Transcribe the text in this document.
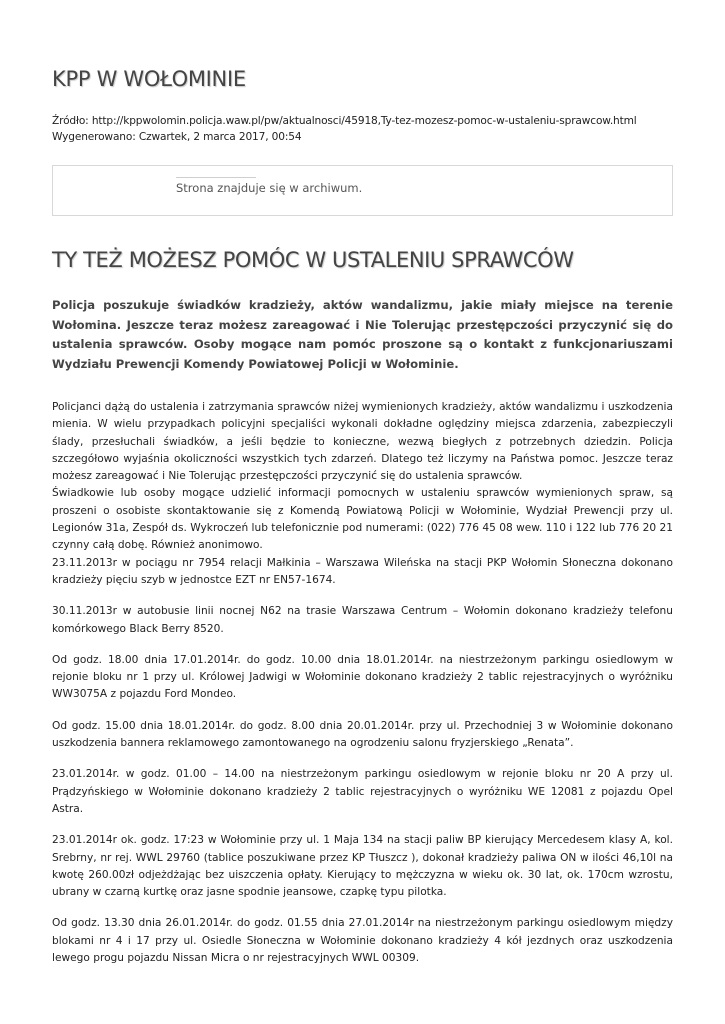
KPP W WOŁOMINIE
Źródło: http://kppwolomin.policja.waw.pl/pw/aktualnosci/45918,Ty-tez-mozesz-pomoc-w-ustaleniu-sprawcow.html
Wygenerowano: Czwartek, 2 marca 2017, 00:54
Strona znajduje się w archiwum.
TY TEŻ MOŻESZ POMÓC W USTALENIU SPRAWCÓW

Policja poszukuje świadków kradzieży, aktów wandalizmu, jakie miały miejsce na terenie Wołomina. Jeszcze teraz możesz zareagować i Nie Tolerując przestępczości przyczynić się do ustalenia sprawców. Osoby mogące nam pomóc proszone są o kontakt z funkcjonariuszami Wydziału Prewencji Komendy Powiatowej Policji w Wołominie.

Policjanci dążą do ustalenia i zatrzymania sprawców niżej wymienionych kradzieży, aktów wandalizmu i uszkodzenia mienia. W wielu przypadkach policyjni specjaliści wykonali dokładne oględziny miejsca zdarzenia, zabezpieczyli ślady, przesłuchali świadków, a jeśli będzie to konieczne, wezwą biegłych z potrzebnych dziedzin. Policja szczegółowo wyjaśnia okoliczności wszystkich tych zdarzeń. Dlatego też liczymy na Państwa pomoc. Jeszcze teraz możesz zareagować i Nie Tolerując przestępczości przyczynić się do ustalenia sprawców.

Świadkowie lub osoby mogące udzielić informacji pomocnych w ustaleniu sprawców wymienionych spraw, są proszeni o osobiste skontaktowanie się z Komendą Powiatową Policji w Wołominie, Wydział Prewencji przy ul. Legionów 31a, Zespół ds. Wykroczeń lub telefonicznie pod numerami: (022) 776 45 08 wew. 110 i 122 lub 776 20 21 czynny całą dobę. Również anonimowo.

23.11.2013r w pociągu nr 7954 relacji Małkinia – Warszawa Wileńska na stacji PKP Wołomin Słoneczna dokonano kradzieży pięciu szyb w jednostce EZT nr EN57-1674.

30.11.2013r w autobusie linii nocnej N62 na trasie Warszawa Centrum – Wołomin dokonano kradzieży telefonu komórkowego Black Berry 8520.

Od godz. 18.00 dnia 17.01.2014r. do godz. 10.00 dnia 18.01.2014r. na niestrzeżonym parkingu osiedlowym w rejonie bloku nr 1 przy ul. Królowej Jadwigi w Wołominie dokonano kradzieży 2 tablic rejestracyjnych o wyróżniku WW3075A z pojazdu Ford Mondeo.

Od godz. 15.00 dnia 18.01.2014r. do godz. 8.00 dnia 20.01.2014r. przy ul. Przechodniej 3 w Wołominie dokonano uszkodzenia bannera reklamowego zamontowanego na ogrodzeniu salonu fryzjerskiego „Renata”.

23.01.2014r. w godz. 01.00 – 14.00 na niestrzeżonym parkingu osiedlowym w rejonie bloku nr 20 A przy ul. Prądzyńskiego w Wołominie dokonano kradzieży 2 tablic rejestracyjnych o wyróżniku WE 12081 z pojazdu Opel Astra.

23.01.2014r ok. godz. 17:23 w Wołominie przy ul. 1 Maja 134 na stacji paliw BP kierujący Mercedesem klasy A, kol. Srebrny, nr rej. WWL 29760 (tablice poszukiwane przez KP Tłuszcz ), dokonał kradzieży paliwa ON w ilości 46,10l na kwotę 260.00zł odjeżdżając bez uiszczenia opłaty. Kierujący to mężczyzna w wieku ok. 30 lat, ok. 170cm wzrostu, ubrany w czarną kurtkę oraz jasne spodnie jeansowe, czapkę typu pilotka.

Od godz. 13.30 dnia 26.01.2014r. do godz. 01.55 dnia 27.01.2014r na niestrzeżonym parkingu osiedlowym między blokami nr 4 i 17 przy ul. Osiedle Słoneczna w Wołominie dokonano kradzieży 4 kół jezdnych oraz uszkodzenia lewego progu pojazdu Nissan Micra o nr rejestracyjnych WWL 00309.
